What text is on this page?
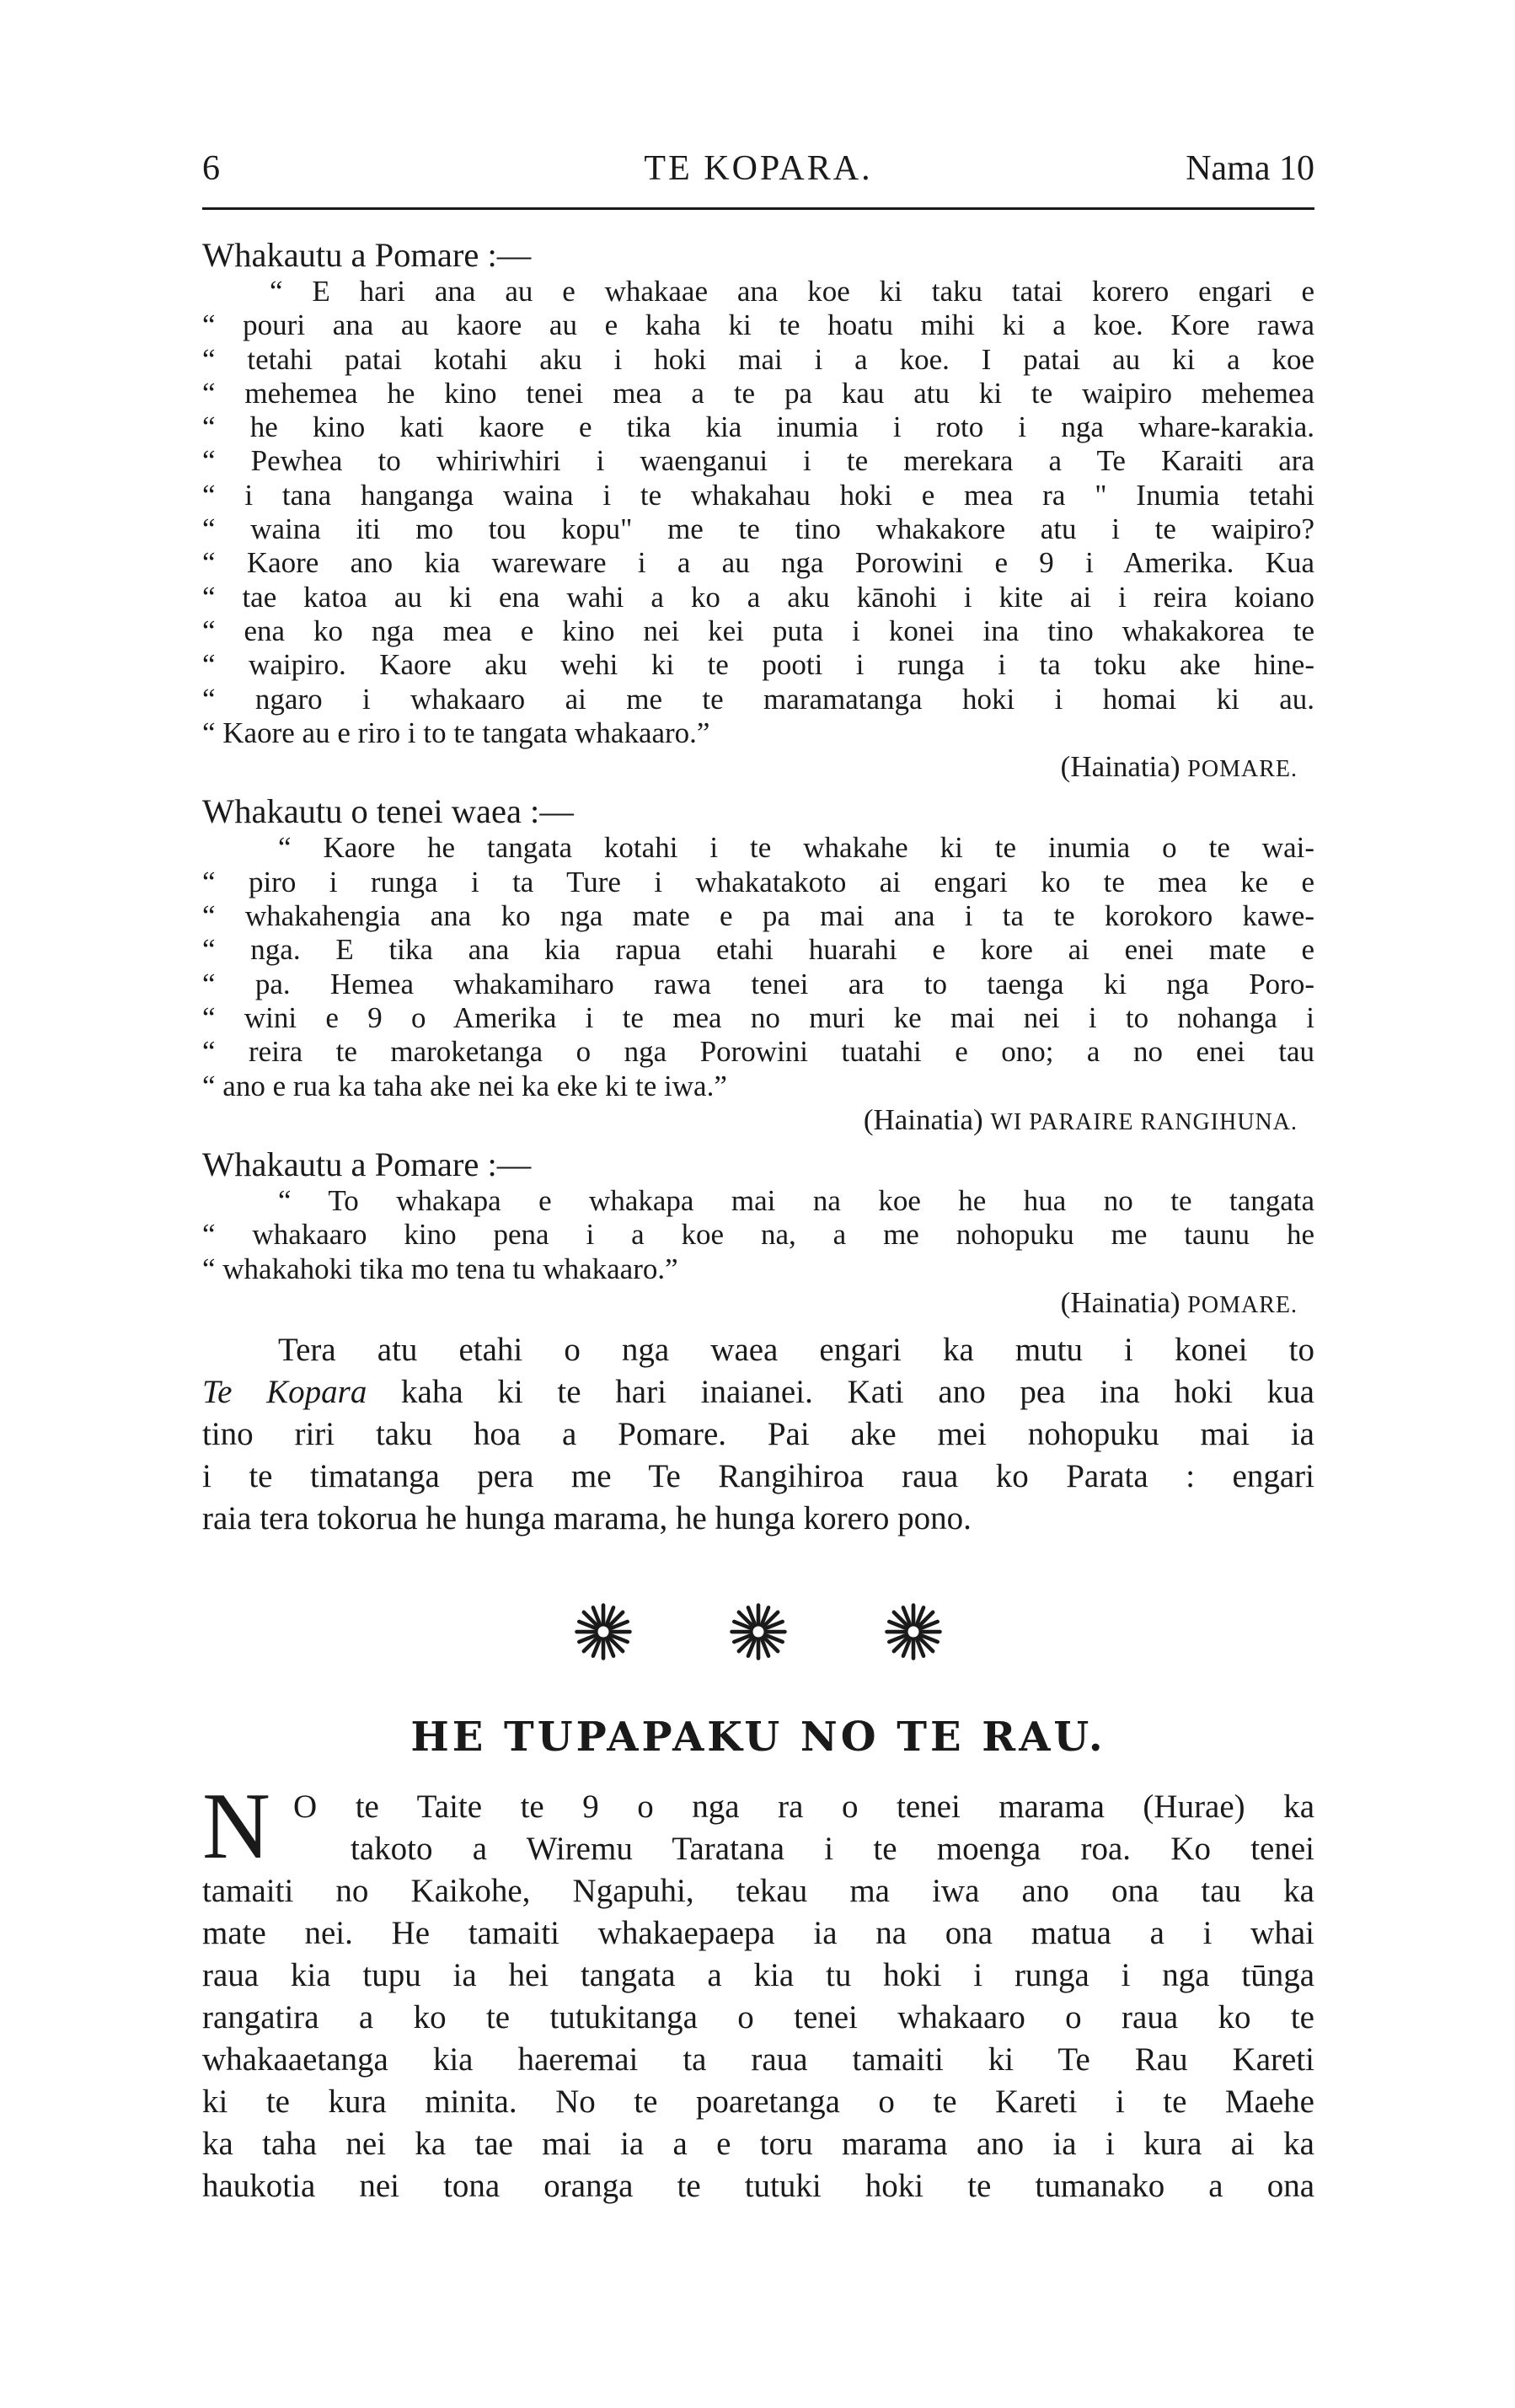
6	TE KOPARA.	Nama 10
Whakautu a Pomare :—
“ E hari ana au e whakaae ana koe ki taku tatai korero engari e
“ pouri ana au kaore au e kaha ki te hoatu mihi ki a koe. Kore rawa
“ tetahi patai kotahi aku i hoki mai i a koe. I patai au ki a koe
“ mehemea he kino tenei mea a te pa kau atu ki te waipiro mehemea
“ he kino kati kaore e tika kia inumia i roto i nga whare-karakia.
“ Pewhea to whiriwhiri i waenganui i te merekara a Te Karaiti ara
“ i tana hanganga waina i te whakahau hoki e mea ra " Inumia tetahi
“ waina iti mo tou kopu" me te tino whakakore atu i te waipiro?
“ Kaore ano kia wareware i a au nga Porowini e 9 i Amerika. Kua
“ tae katoa au ki ena wahi a ko a aku kānohi i kite ai i reira koiano
“ ena ko nga mea e kino nei kei puta i konei ina tino whakakorea te
“ waipiro. Kaore aku wehi ki te pooti i runga i ta toku ake hine-
“ ngaro i whakaaro ai me te maramatanga hoki i homai ki au.
“ Kaore au e riro i to te tangata whakaaro.”
(Hainatia) POMARE.
Whakautu o tenei waea :—
“ Kaore he tangata kotahi i te whakahe ki te inumia o te wai-
“ piro i runga i ta Ture i whakatakoto ai engari ko te mea ke e
“ whakahengia ana ko nga mate e pa mai ana i ta te korokoro kawe-
“ nga. E tika ana kia rapua etahi huarahi e kore ai enei mate e
“ pa. Hemea whakamiharo rawa tenei ara to taenga ki nga Poro-
“ wini e 9 o Amerika i te mea no muri ke mai nei i to nohanga i
“ reira te maroketanga o nga Porowini tuatahi e ono; a no enei tau
“ ano e rua ka taha ake nei ka eke ki te iwa.”
(Hainatia) WI PARAIRE RANGIHUNA.
Whakautu a Pomare :—
“ To whakapa e whakapa mai na koe he hua no te tangata
“ whakaaro kino pena i a koe na, a me nohopuku me taunu he
“ whakahoki tika mo tena tu whakaaro.”
(Hainatia) POMARE.
Tera atu etahi o nga waea engari ka mutu i konei to
Te Kopara kaha ki te hari inaianei. Kati ano pea ina hoki kua
tino riri taku hoa a Pomare. Pai ake mei nohopuku mai ia
i te timatanga pera me Te Rangihiroa raua ko Parata : engari
raia tera tokorua he hunga marama, he hunga korero pono.
HE TUPAPAKU NO TE RAU.
N O te Taite te 9 o nga ra o tenei marama (Hurae) ka
takoto a Wiremu Taratana i te moenga roa. Ko tenei
tamaiti no Kaikohe, Ngapuhi, tekau ma iwa ano ona tau ka
mate nei. He tamaiti whakaepaepa ia na ona matua a i whai
raua kia tupu ia hei tangata a kia tu hoki i runga i nga tūnga
rangatira a ko te tutukitanga o tenei whakaaro o raua ko te
whakaaetanga kia haeremai ta raua tamaiti ki Te Rau Kareti
ki te kura minita. No te poaretanga o te Kareti i te Maehe
ka taha nei ka tae mai ia a e toru marama ano ia i kura ai ka
haukotia nei tona oranga te tutuki hoki te tumanako a ona
